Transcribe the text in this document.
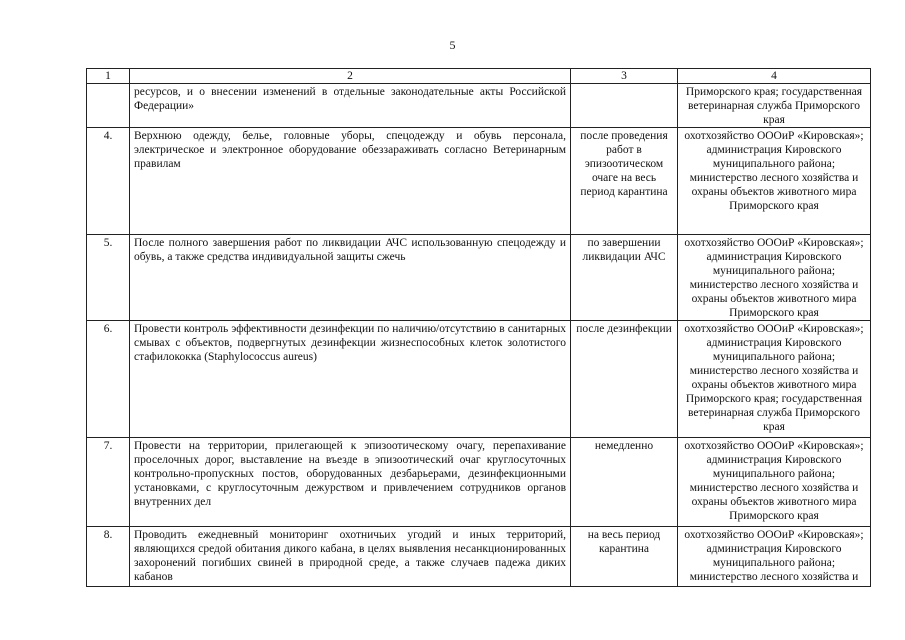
5
1	2	3	4
	ресурсов, и о внесении изменений в отдельные законодательные акты Российской Федерации»		Приморского края; государственная ветеринарная служба Приморского края
4.	Верхнюю одежду, белье, головные уборы, спецодежду и обувь персонала, электрическое и электронное оборудование обеззараживать согласно Ветеринарным правилам	после проведения работ в эпизоотическом очаге на весь период карантина	охотхозяйство ОООиР «Кировская»; администрация Кировского муниципального района; министерство лесного хозяйства и охраны объектов животного мира Приморского края
5.	После полного завершения работ по ликвидации АЧС использованную спецодежду и обувь, а также средства индивидуальной защиты сжечь	по завершении ликвидации АЧС	охотхозяйство ОООиР «Кировская»; администрация Кировского муниципального района; министерство лесного хозяйства и охраны объектов животного мира Приморского края
6.	Провести контроль эффективности дезинфекции по наличию/отсутствию в санитарных смывах с объектов, подвергнутых дезинфекции жизнеспособных клеток золотистого стафилококка (Staphylococcus aureus)	после дезинфекции	охотхозяйство ОООиР «Кировская»; администрация Кировского муниципального района; министерство лесного хозяйства и охраны объектов животного мира Приморского края; государственная ветеринарная служба Приморского края
7.	Провести на территории, прилегающей к эпизоотическому очагу, перепахивание проселочных дорог, выставление на въезде в эпизоотический очаг круглосуточных контрольно-пропускных постов, оборудованных дезбарьерами, дезинфекционными установками, с круглосуточным дежурством и привлечением сотрудников органов внутренних дел	немедленно	охотхозяйство ОООиР «Кировская»; администрация Кировского муниципального района; министерство лесного хозяйства и охраны объектов животного мира Приморского края
8.	Проводить ежедневный мониторинг охотничьих угодий и иных территорий, являющихся средой обитания дикого кабана, в целях выявления несанкционированных захоронений погибших свиней в природной среде, а также случаев падежа диких кабанов	на весь период карантина	охотхозяйство ОООиР «Кировская»; администрация Кировского муниципального района; министерство лесного хозяйства и
